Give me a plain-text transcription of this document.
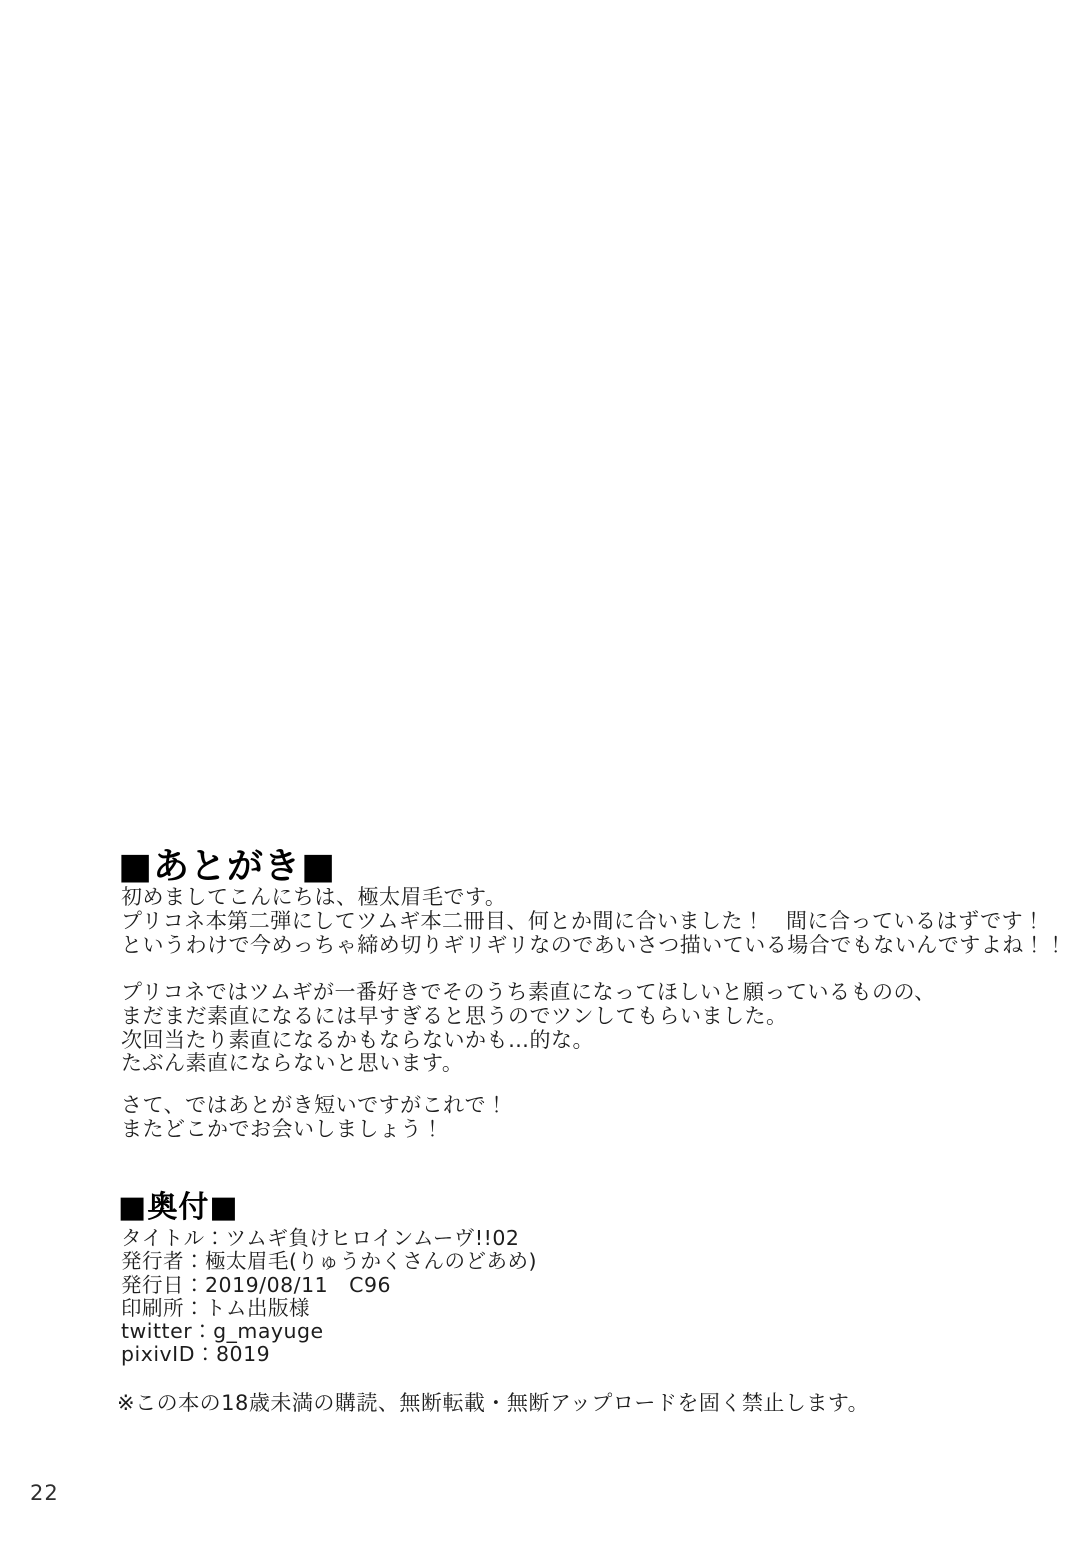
■あとがき■
初めましてこんにちは、極太眉毛です。
プリコネ本第二弾にしてツムギ本二冊目、何とか間に合いました！　間に合っているはずです！
というわけで今めっちゃ締め切りギリギリなのであいさつ描いている場合でもないんですよね！！
プリコネではツムギが一番好きでそのうち素直になってほしいと願っているものの、
まだまだ素直になるには早すぎると思うのでツンしてもらいました。
次回当たり素直になるかもならないかも…的な。
たぶん素直にならないと思います。
さて、ではあとがき短いですがこれで！
またどこかでお会いしましょう！
■奥付■
タイトル：ツムギ負けヒロインムーヴ!!02
発行者：極太眉毛(りゅうかくさんのどあめ)
発行日：2019/08/11　C96
印刷所：トム出版様
twitter：g_mayuge
pixivID：8019
※この本の18歳未満の購読、無断転載・無断アップロードを固く禁止します。
22
